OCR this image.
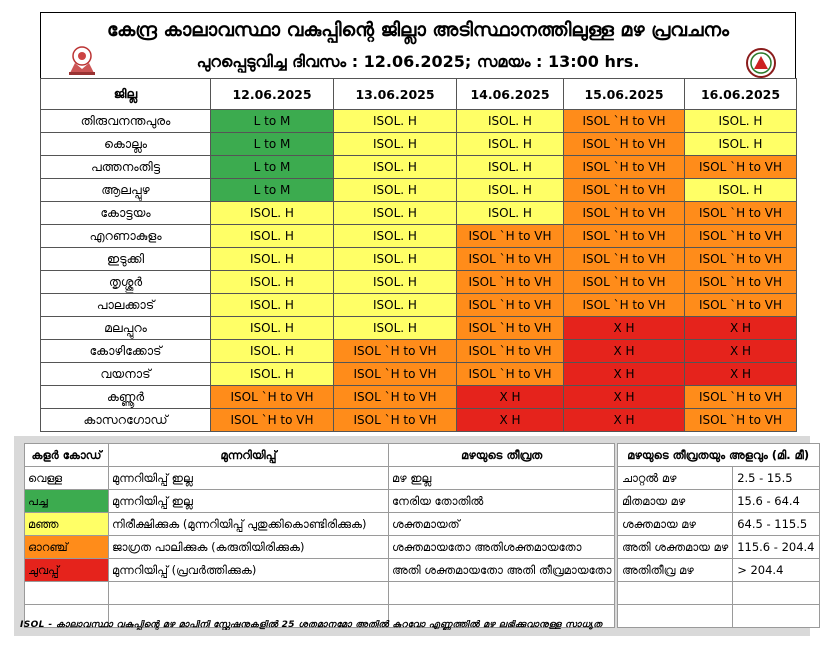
കേന്ദ്ര കാലാവസ്ഥാ വകുപ്പിന്റെ ജില്ലാ അടിസ്ഥാനത്തിലുള്ള മഴ പ്രവചനം
പുറപ്പെടുവിച്ച ദിവസം : 12.06.2025; സമയം : 13:00 hrs.
ജില്ല	12.06.2025	13.06.2025	14.06.2025	15.06.2025	16.06.2025
തിരുവനന്തപുരം	L to M	ISOL. H	ISOL. H	ISOL `H to VH	ISOL. H
കൊല്ലം	L to M	ISOL. H	ISOL. H	ISOL `H to VH	ISOL. H
പത്തനംതിട്ട	L to M	ISOL. H	ISOL. H	ISOL `H to VH	ISOL `H to VH
ആലപ്പുഴ	L to M	ISOL. H	ISOL. H	ISOL `H to VH	ISOL. H
കോട്ടയം	ISOL. H	ISOL. H	ISOL. H	ISOL `H to VH	ISOL `H to VH
എറണാകുളം	ISOL. H	ISOL. H	ISOL `H to VH	ISOL `H to VH	ISOL `H to VH
ഇടുക്കി	ISOL. H	ISOL. H	ISOL `H to VH	ISOL `H to VH	ISOL `H to VH
തൃശ്ശൂർ	ISOL. H	ISOL. H	ISOL `H to VH	ISOL `H to VH	ISOL `H to VH
പാലക്കാട്	ISOL. H	ISOL. H	ISOL `H to VH	ISOL `H to VH	ISOL `H to VH
മലപ്പുറം	ISOL. H	ISOL. H	ISOL `H to VH	X H	X H
കോഴിക്കോട്	ISOL. H	ISOL `H to VH	ISOL `H to VH	X H	X H
വയനാട്	ISOL. H	ISOL `H to VH	ISOL `H to VH	X H	X H
കണ്ണൂർ	ISOL `H to VH	ISOL `H to VH	X H	X H	ISOL `H to VH
കാസറഗോഡ്	ISOL `H to VH	ISOL `H to VH	X H	X H	ISOL `H to VH
കളർ കോഡ്	മുന്നറിയിപ്പ്	മഴയുടെ തീവ്രത
വെള്ള	മുന്നറിയിപ്പ് ഇല്ല	മഴ ഇല്ല
പച്ച	മുന്നറിയിപ്പ് ഇല്ല	നേരിയ തോതിൽ
മഞ്ഞ	നിരീക്ഷിക്കുക (മുന്നറിയിപ്പ് പുതുക്കികൊണ്ടിരിക്കുക)	ശക്തമായത്
ഓറഞ്ച്	ജാഗ്രത പാലിക്കുക (കരുതിയിരിക്കുക)	ശക്തമായതോ അതിശക്തമായതോ
ചുവപ്പ്	മുന്നറിയിപ്പ് (പ്രവർത്തിക്കുക)	അതി ശക്തമായതോ അതി തീവ്രമായതോ

മഴയുടെ തീവ്രതയും അളവും (മി. മീ)	
ചാറ്റൽ മഴ	2.5 - 15.5
മിതമായ മഴ	15.6 - 64.4
ശക്തമായ മഴ	64.5 - 115.5
അതി ശക്തമായ മഴ	115.6 - 204.4
അതിതീവ്ര മഴ	> 204.4

ISOL - കാലാവസ്ഥാ വകുപ്പിന്റെ മഴ മാപിനി സ്റ്റേഷനുകളിൽ 25 ശതമാനമോ അതിൽ കുറവോ എണ്ണത്തിൽ മഴ ലഭിക്കുവാനുള്ള സാധ്യത
